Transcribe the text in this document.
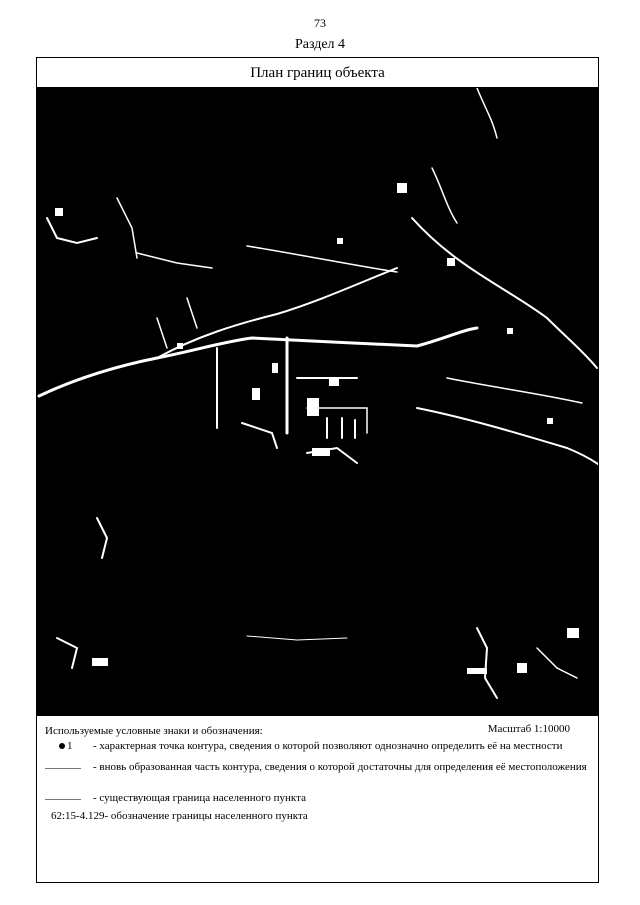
73
Раздел 4
План границ объекта
Используемые условные знаки и обозначения:	Масштаб 1:10000
1 - характерная точка контура, сведения о которой позволяют однозначно определить её на местности
- вновь образованная часть контура, сведения о которой достаточны для определения её местоположения
- существующая граница населенного пункта
62:15-4.129- обозначение границы населенного пункта
